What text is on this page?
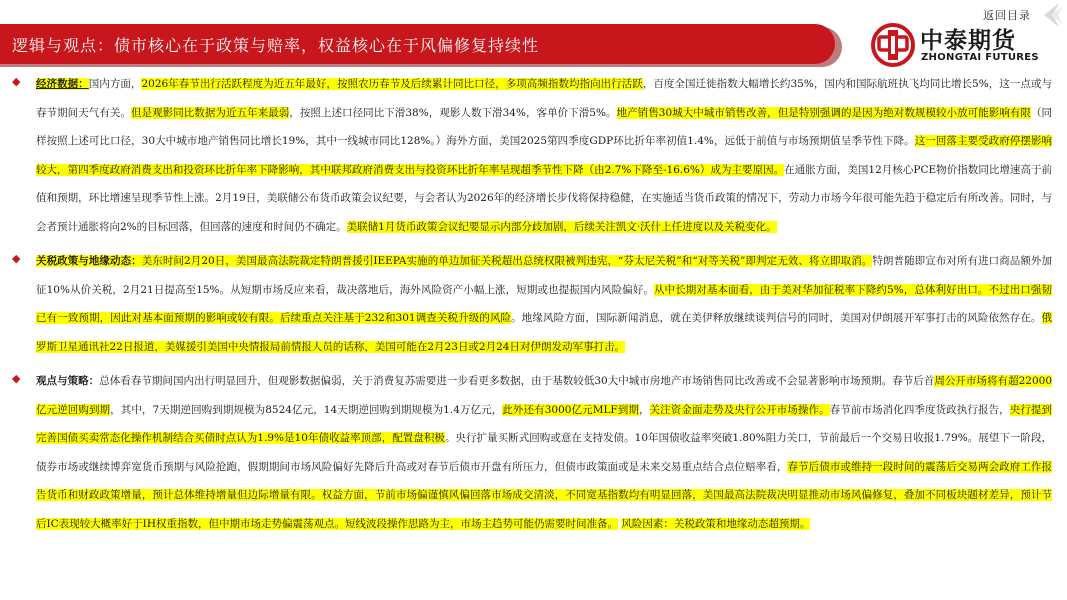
返回目录
逻辑与观点：债市核心在于政策与赔率，权益核心在于风偏修复持续性	中泰期货
ZHONGTAI FUTURES
◆ 经济数据：国内方面，2026年春节出行活跃程度为近五年最好，按照农历春节及后续累计同比口径，多项高频指数均指向出行活跃，百度全国迁徙指数大幅增长约35%，国内和国际航班执飞均同比增长5%，这一点或与春节期间天气有关。但是观影同比数据为近五年来最弱，按照上述口径同比下滑38%，观影人数下滑34%，客单价下滑5%。地产销售30城大中城市销售改善，但是特别强调的是因为绝对数规模较小放可能影响有限（同样按照上述可比口径，30大中城市地产销售同比增长19%，其中一线城市同比128%。）海外方面，美国2025第四季度GDP环比折年率初值1.4%，远低于前值与市场预期值呈季节性下降。这一回落主要受政府停摆影响较大，第四季度政府消费支出和投资环比折年率下降影响，其中联邦政府消费支出与投资环比折年率呈现超季节性下降（由2.7%下降至-16.6%）成为主要原因。在通胀方面，美国12月核心PCE物价指数同比增速高于前值和预期，环比增速呈现季节性上涨。2月19日，美联储公布货币政策会议纪要，与会者认为2026年的经济增长步伐将保持稳健，在实施适当货币政策的情况下，劳动力市场今年很可能先趋于稳定后有所改善。同时，与会者预计通胀将向2%的目标回落，但回落的速度和时间仍不确定。美联储1月货币政策会议纪要显示内部分歧加剧，后续关注凯文·沃什上任进度以及关税变化。

◆ 关税政策与地缘动态：美东时间2月20日，美国最高法院裁定特朗普援引IEEPA实施的单边加征关税超出总统权限被判违宪，“芬太尼关税”和“对等关税”即判定无效、将立即取消。特朗普随即宣布对所有进口商品额外加征10%从价关税，2月21日提高至15%。从短期市场反应来看，裁决落地后，海外风险资产小幅上涨，短期或也提振国内风险偏好。从中长期对基本面看，由于美对华加征税率下降约5%，总体利好出口。不过出口强韧已有一致预期，因此对基本面预期的影响或较有限。后续重点关注基于232和301调查关税升级的风险。地缘风险方面，国际新闻消息，就在美伊释放继续谈判信号的同时，美国对伊朗展开军事打击的风险依然存在。俄罗斯卫星通讯社22日报道，美媒援引美国中央情报局前情报人员的话称，美国可能在2月23日或2月24日对伊朗发动军事打击。

◆ 观点与策略：总体看春节期间国内出行明显回升，但观影数据偏弱，关于消费复苏需要进一步看更多数据，由于基数较低30大中城市房地产市场销售同比改善或不会显著影响市场预期。春节后首周公开市场将有超22000亿元逆回购到期，其中，7天期逆回购到期规模为8524亿元，14天期逆回购到期规模为1.4万亿元，此外还有3000亿元MLF到期，关注资金面走势及央行公开市场操作。春节前市场消化四季度货政执行报告，央行提到完善国债买卖常态化操作机制结合买债时点认为1.9%是10年债收益率顶部，配置盘积极。央行扩量买断式回购或意在支持发债。10年国债收益率突破1.80%阻力关口，节前最后一个交易日收报1.79%。展望下一阶段，债券市场或继续博弈宽货币预期与风险抢跑，假期期间市场风险偏好先降后升高或对春节后债市开盘有所压力，但债市政策面或是未来交易重点结合点位赔率看，春节后债市或维持一段时间的震荡后交易两会政府工作报告货币和财政政策增量，预计总体维持增量但边际增量有限。权益方面，节前市场偏谨慎风偏回落市场成交清淡，不同宽基指数均有明显回落，美国最高法院裁决明显推动市场风偏修复，叠加不同板块题材差异，预计节后IC表现较大概率好于IH权重指数，但中期市场走势偏震荡观点。短线波段操作思路为主，市场主趋势可能仍需要时间准备。 风险因素：关税政策和地缘动态超预期。
